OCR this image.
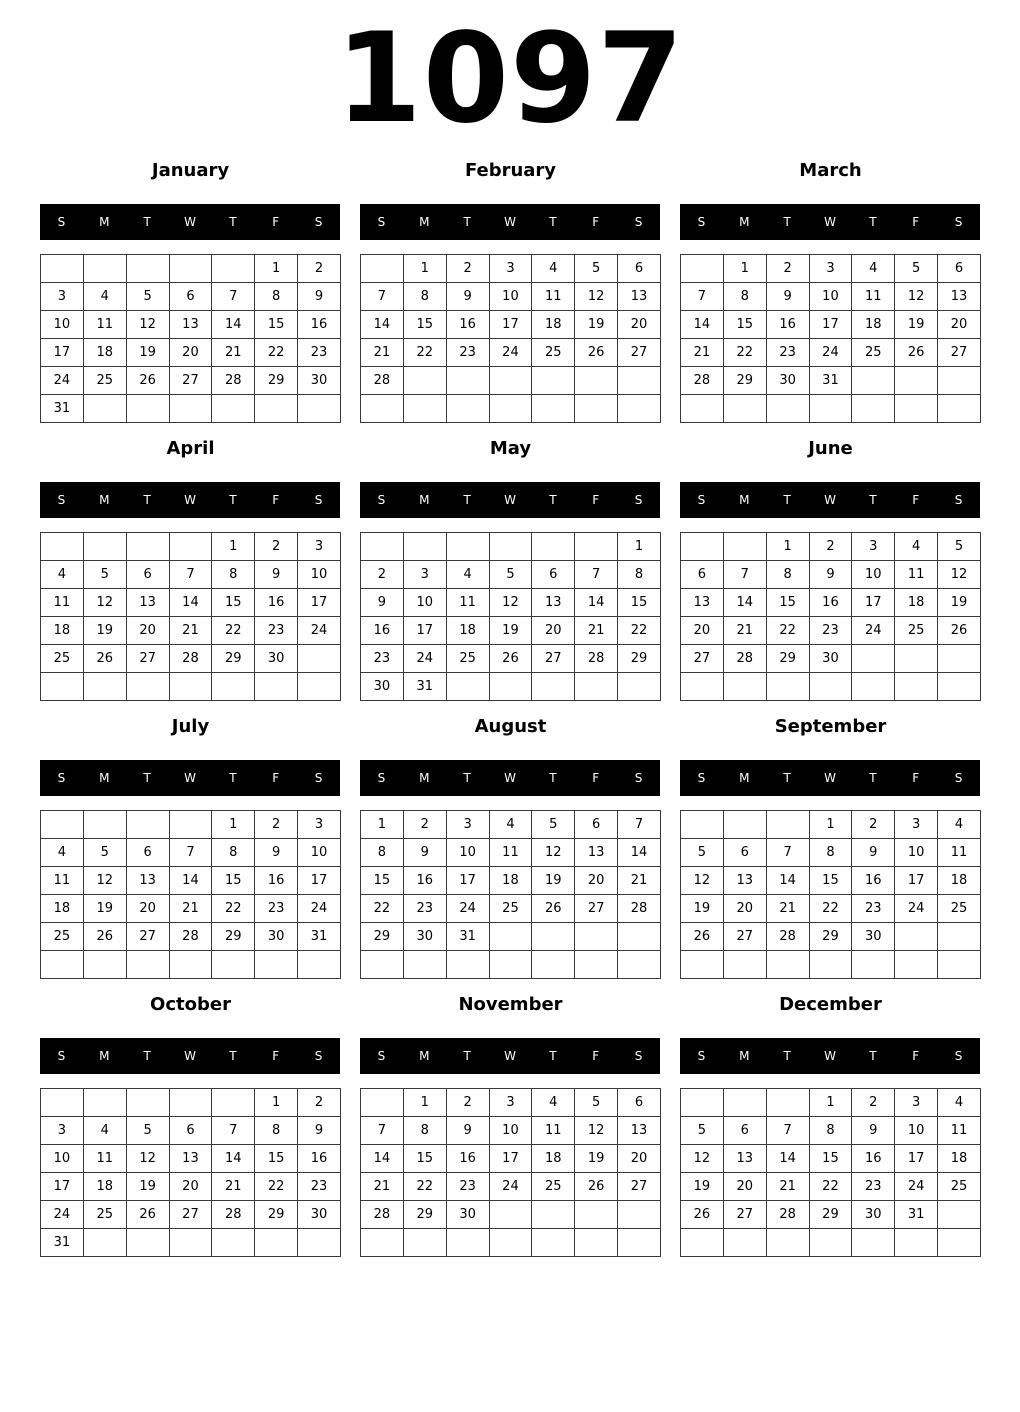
1097
January
S	M	T	W	T	F	S
					1	2
3	4	5	6	7	8	9
10	11	12	13	14	15	16
17	18	19	20	21	22	23
24	25	26	27	28	29	30
31						
February
S	M	T	W	T	F	S
	1	2	3	4	5	6
7	8	9	10	11	12	13
14	15	16	17	18	19	20
21	22	23	24	25	26	27
28						

March
S	M	T	W	T	F	S
	1	2	3	4	5	6
7	8	9	10	11	12	13
14	15	16	17	18	19	20
21	22	23	24	25	26	27
28	29	30	31			

April
S	M	T	W	T	F	S
				1	2	3
4	5	6	7	8	9	10
11	12	13	14	15	16	17
18	19	20	21	22	23	24
25	26	27	28	29	30	

May
S	M	T	W	T	F	S
						1
2	3	4	5	6	7	8
9	10	11	12	13	14	15
16	17	18	19	20	21	22
23	24	25	26	27	28	29
30	31					
June
S	M	T	W	T	F	S
		1	2	3	4	5
6	7	8	9	10	11	12
13	14	15	16	17	18	19
20	21	22	23	24	25	26
27	28	29	30			

July
S	M	T	W	T	F	S
				1	2	3
4	5	6	7	8	9	10
11	12	13	14	15	16	17
18	19	20	21	22	23	24
25	26	27	28	29	30	31

August
S	M	T	W	T	F	S
1	2	3	4	5	6	7
8	9	10	11	12	13	14
15	16	17	18	19	20	21
22	23	24	25	26	27	28
29	30	31				

September
S	M	T	W	T	F	S
			1	2	3	4
5	6	7	8	9	10	11
12	13	14	15	16	17	18
19	20	21	22	23	24	25
26	27	28	29	30		

October
S	M	T	W	T	F	S
					1	2
3	4	5	6	7	8	9
10	11	12	13	14	15	16
17	18	19	20	21	22	23
24	25	26	27	28	29	30
31						
November
S	M	T	W	T	F	S
	1	2	3	4	5	6
7	8	9	10	11	12	13
14	15	16	17	18	19	20
21	22	23	24	25	26	27
28	29	30				

December
S	M	T	W	T	F	S
			1	2	3	4
5	6	7	8	9	10	11
12	13	14	15	16	17	18
19	20	21	22	23	24	25
26	27	28	29	30	31	
